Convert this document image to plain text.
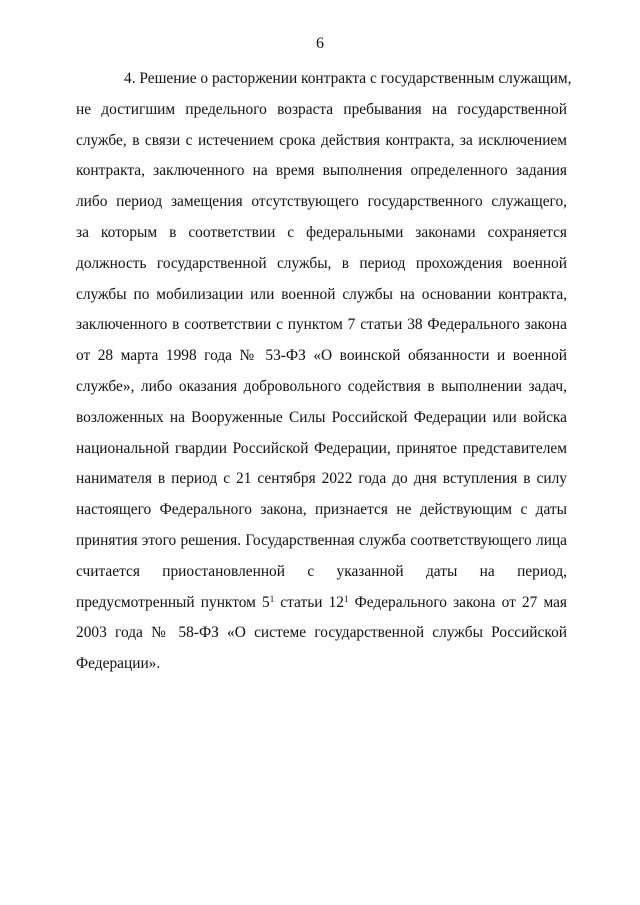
6
4. Решение о расторжении контракта с государственным служащим,
не достигшим предельного возраста пребывания на государственной
службе, в связи с истечением срока действия контракта, за исключением
контракта, заключенного на время выполнения определенного задания
либо период замещения отсутствующего государственного служащего,
за которым в соответствии с федеральными законами сохраняется
должность государственной службы, в период прохождения военной
службы по мобилизации или военной службы на основании контракта,
заключенного в соответствии с пунктом 7 статьи 38 Федерального закона
от 28 марта 1998 года № 53-ФЗ «О воинской обязанности и военной
службе», либо оказания добровольного содействия в выполнении задач,
возложенных на Вооруженные Силы Российской Федерации или войска
национальной гвардии Российской Федерации, принятое представителем
нанимателя в период с 21 сентября 2022 года до дня вступления в силу
настоящего Федерального закона, признается не действующим с даты
принятия этого решения. Государственная служба соответствующего лица
считается приостановленной с указанной даты на период,
предусмотренный пунктом $5^1$ статьи $12^1$ Федерального закона от 27 мая
2003 года № 58-ФЗ «О системе государственной службы Российской
Федерации».
